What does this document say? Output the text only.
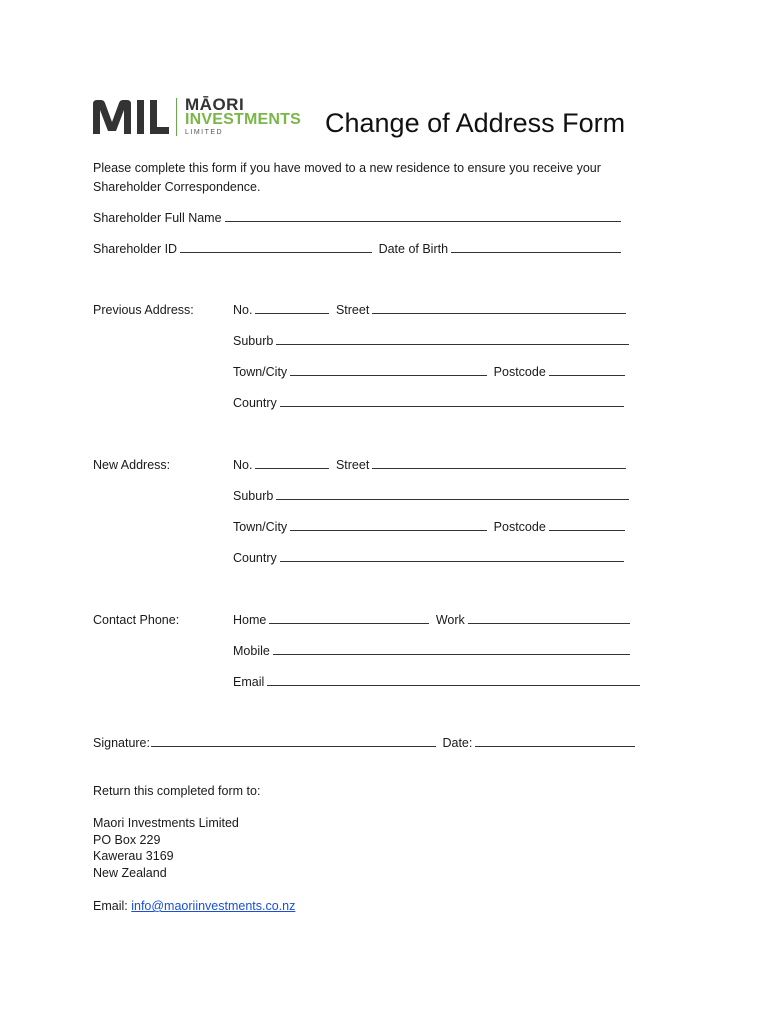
MĀORI
INVESTMENTS
LIMITED	Change of Address Form
Please complete this form if you have moved to a new residence to ensure you receive your
Shareholder Correspondence.
Shareholder Full Name
Shareholder ID	Date of Birth
Previous Address:	No.	Street
Suburb
Town/City	Postcode
Country
New Address:	No.	Street
Suburb
Town/City	Postcode
Country
Contact Phone:	Home	Work
Mobile
Email
Signature:	Date:
Return this completed form to:
Maori Investments Limited
PO Box 229
Kawerau 3169
New Zealand
Email: info@maoriinvestments.co.nz
